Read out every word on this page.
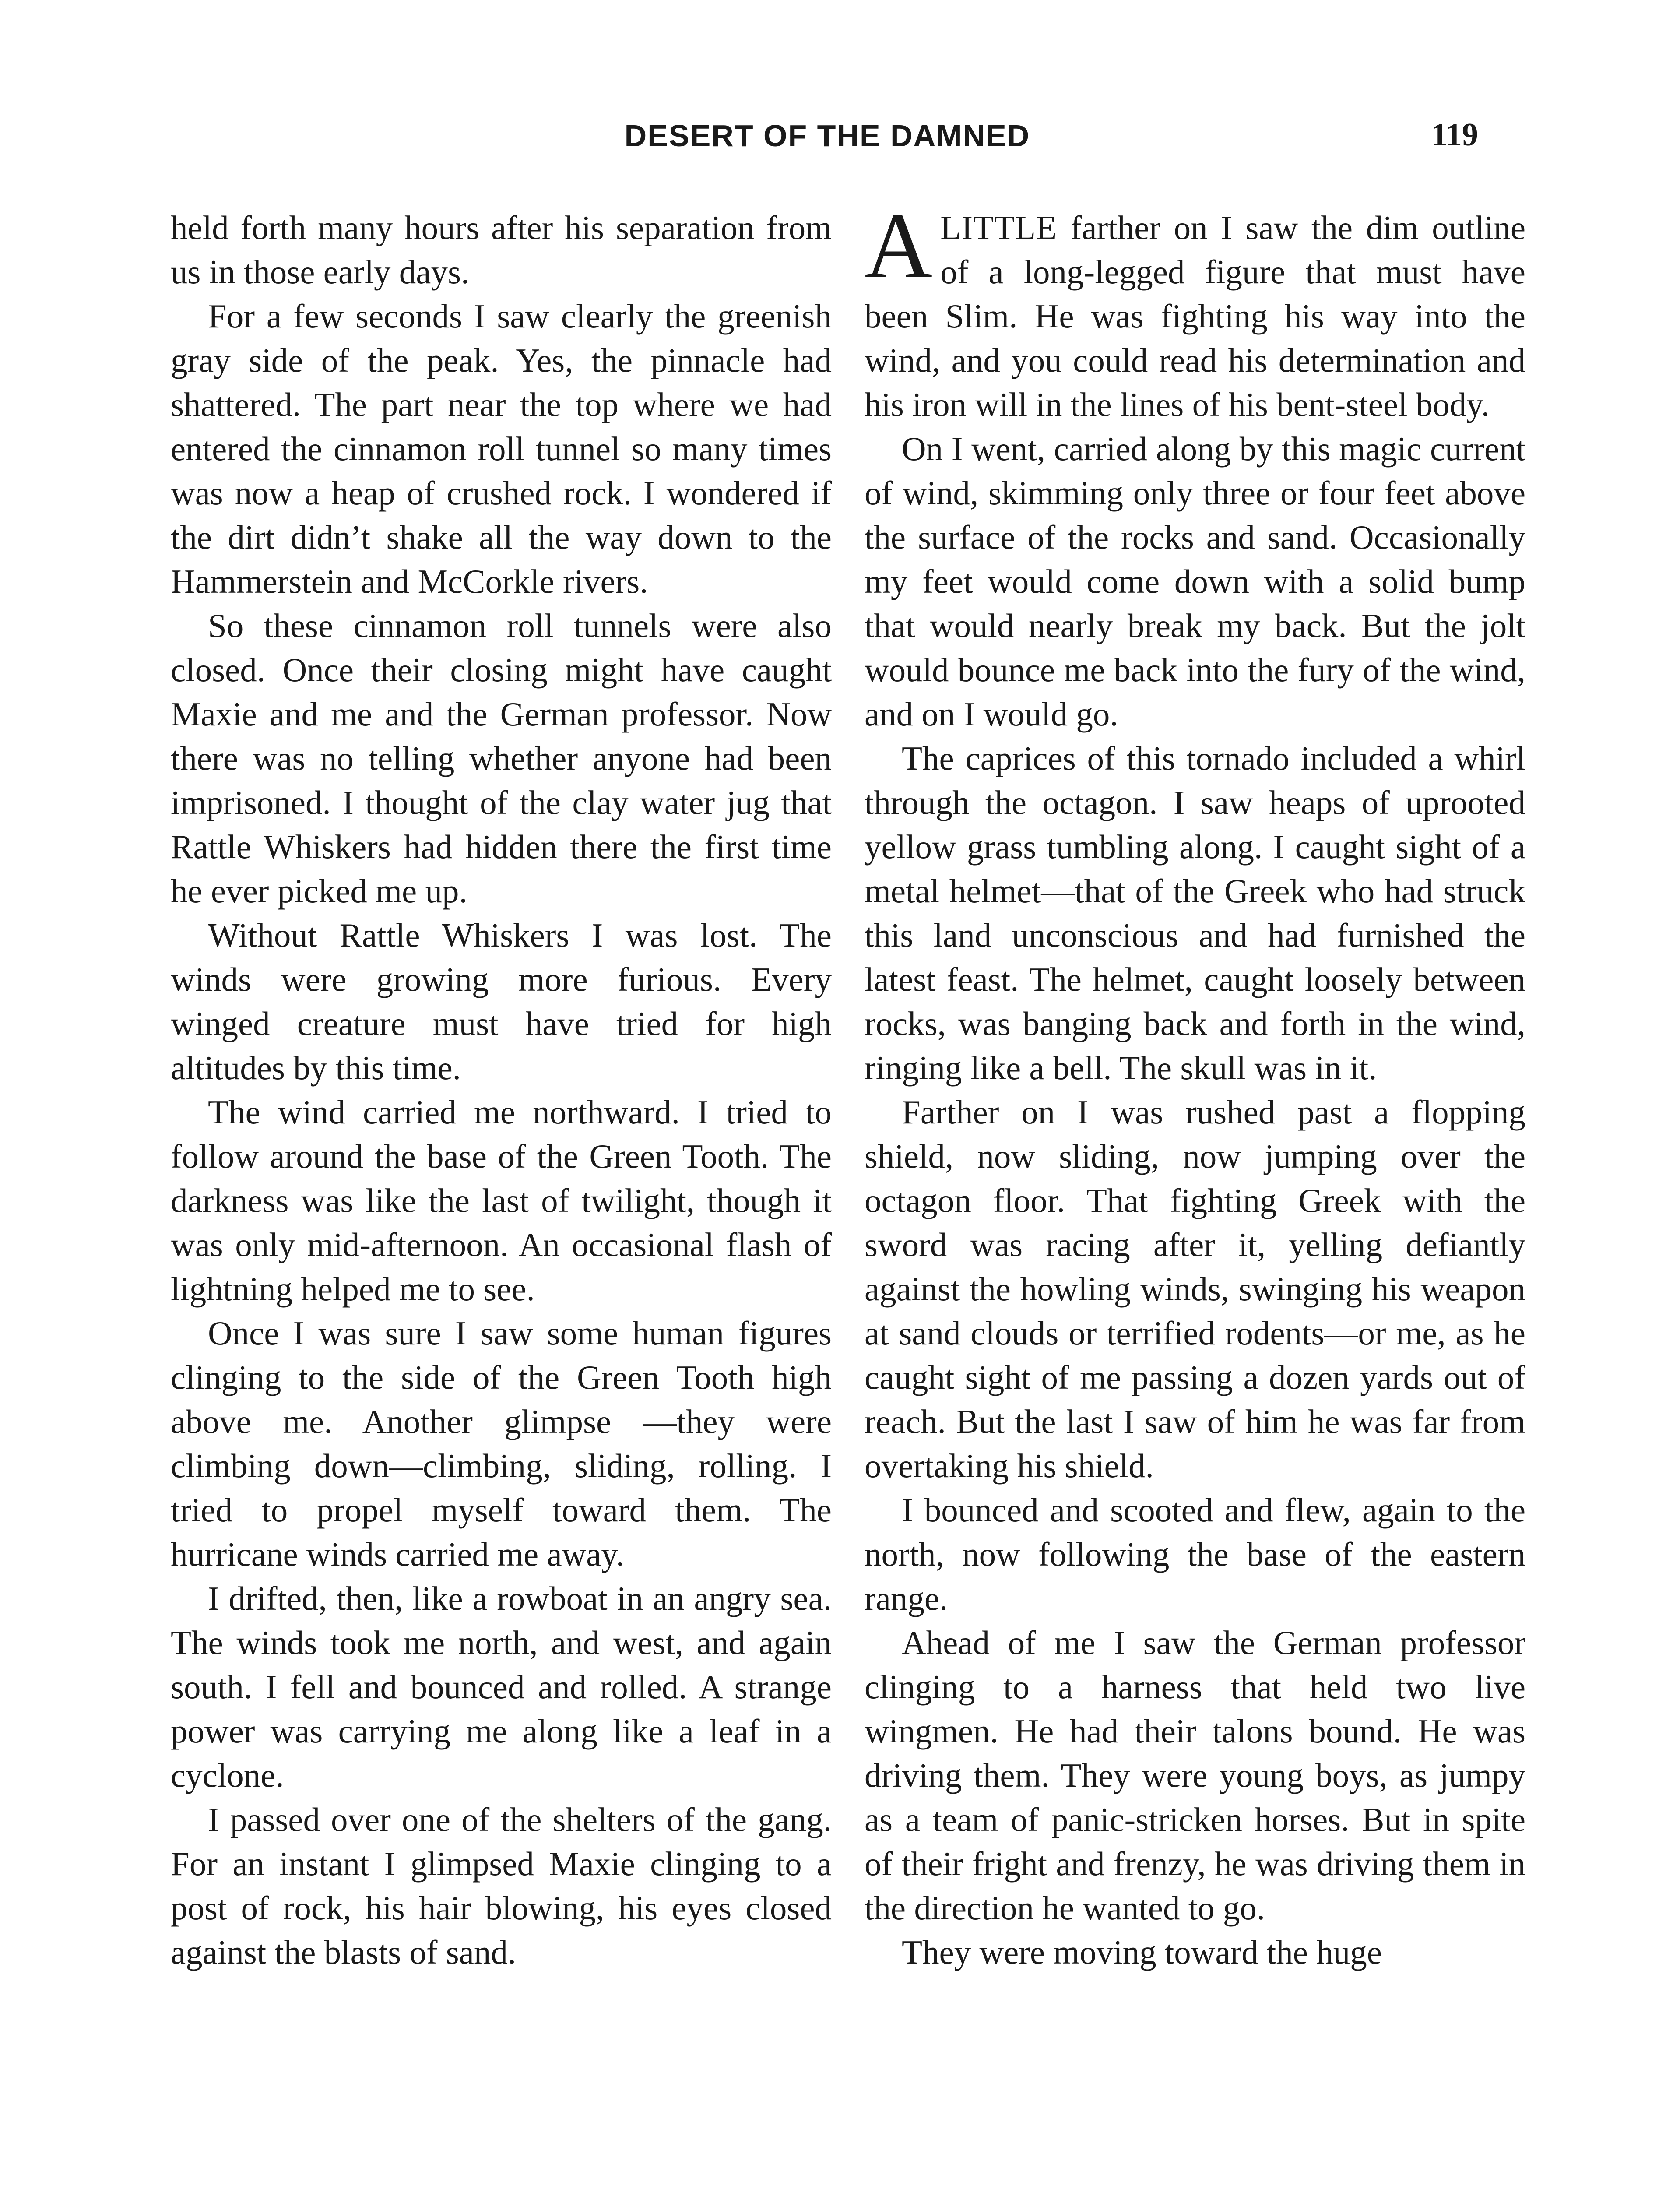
DESERT OF THE DAMNED	119

held forth many hours after his separation from us in those early days.

For a few seconds I saw clearly the greenish gray side of the peak. Yes, the pinnacle had shattered. The part near the top where we had entered the cinnamon roll tunnel so many times was now a heap of crushed rock. I wondered if the dirt didn’t shake all the way down to the Hammerstein and McCorkle rivers.

So these cinnamon roll tunnels were also closed. Once their closing might have caught Maxie and me and the German professor. Now there was no telling whether anyone had been imprisoned. I thought of the clay water jug that Rattle Whiskers had hidden there the first time he ever picked me up.

Without Rattle Whiskers I was lost. The winds were growing more furious. Every winged creature must have tried for high altitudes by this time.

The wind carried me northward. I tried to follow around the base of the Green Tooth. The darkness was like the last of twilight, though it was only mid-afternoon. An occasional flash of lightning helped me to see.

Once I was sure I saw some human figures clinging to the side of the Green Tooth high above me. Another glimpse —they were climbing down—climbing, sliding, rolling. I tried to propel myself toward them. The hurricane winds carried me away.

I drifted, then, like a rowboat in an angry sea. The winds took me north, and west, and again south. I fell and bounced and rolled. A strange power was carrying me along like a leaf in a cyclone.

I passed over one of the shelters of the gang. For an instant I glimpsed Maxie clinging to a post of rock, his hair blowing, his eyes closed against the blasts of sand.

ALITTLE farther on I saw the dim outline of a long-legged figure that must have been Slim. He was fighting his way into the wind, and you could read his determination and his iron will in the lines of his bent-steel body.

On I went, carried along by this magic current of wind, skimming only three or four feet above the surface of the rocks and sand. Occasionally my feet would come down with a solid bump that would nearly break my back. But the jolt would bounce me back into the fury of the wind, and on I would go.

The caprices of this tornado included a whirl through the octagon. I saw heaps of uprooted yellow grass tumbling along. I caught sight of a metal helmet—that of the Greek who had struck this land unconscious and had furnished the latest feast. The helmet, caught loosely between rocks, was banging back and forth in the wind, ringing like a bell. The skull was in it.

Farther on I was rushed past a flopping shield, now sliding, now jumping over the octagon floor. That fighting Greek with the sword was racing after it, yelling defiantly against the howling winds, swinging his weapon at sand clouds or terrified rodents—or me, as he caught sight of me passing a dozen yards out of reach. But the last I saw of him he was far from overtaking his shield.

I bounced and scooted and flew, again to the north, now following the base of the eastern range.

Ahead of me I saw the German professor clinging to a harness that held two live wingmen. He had their talons bound. He was driving them. They were young boys, as jumpy as a team of panic-stricken horses. But in spite of their fright and frenzy, he was driving them in the direction he wanted to go.

They were moving toward the huge
